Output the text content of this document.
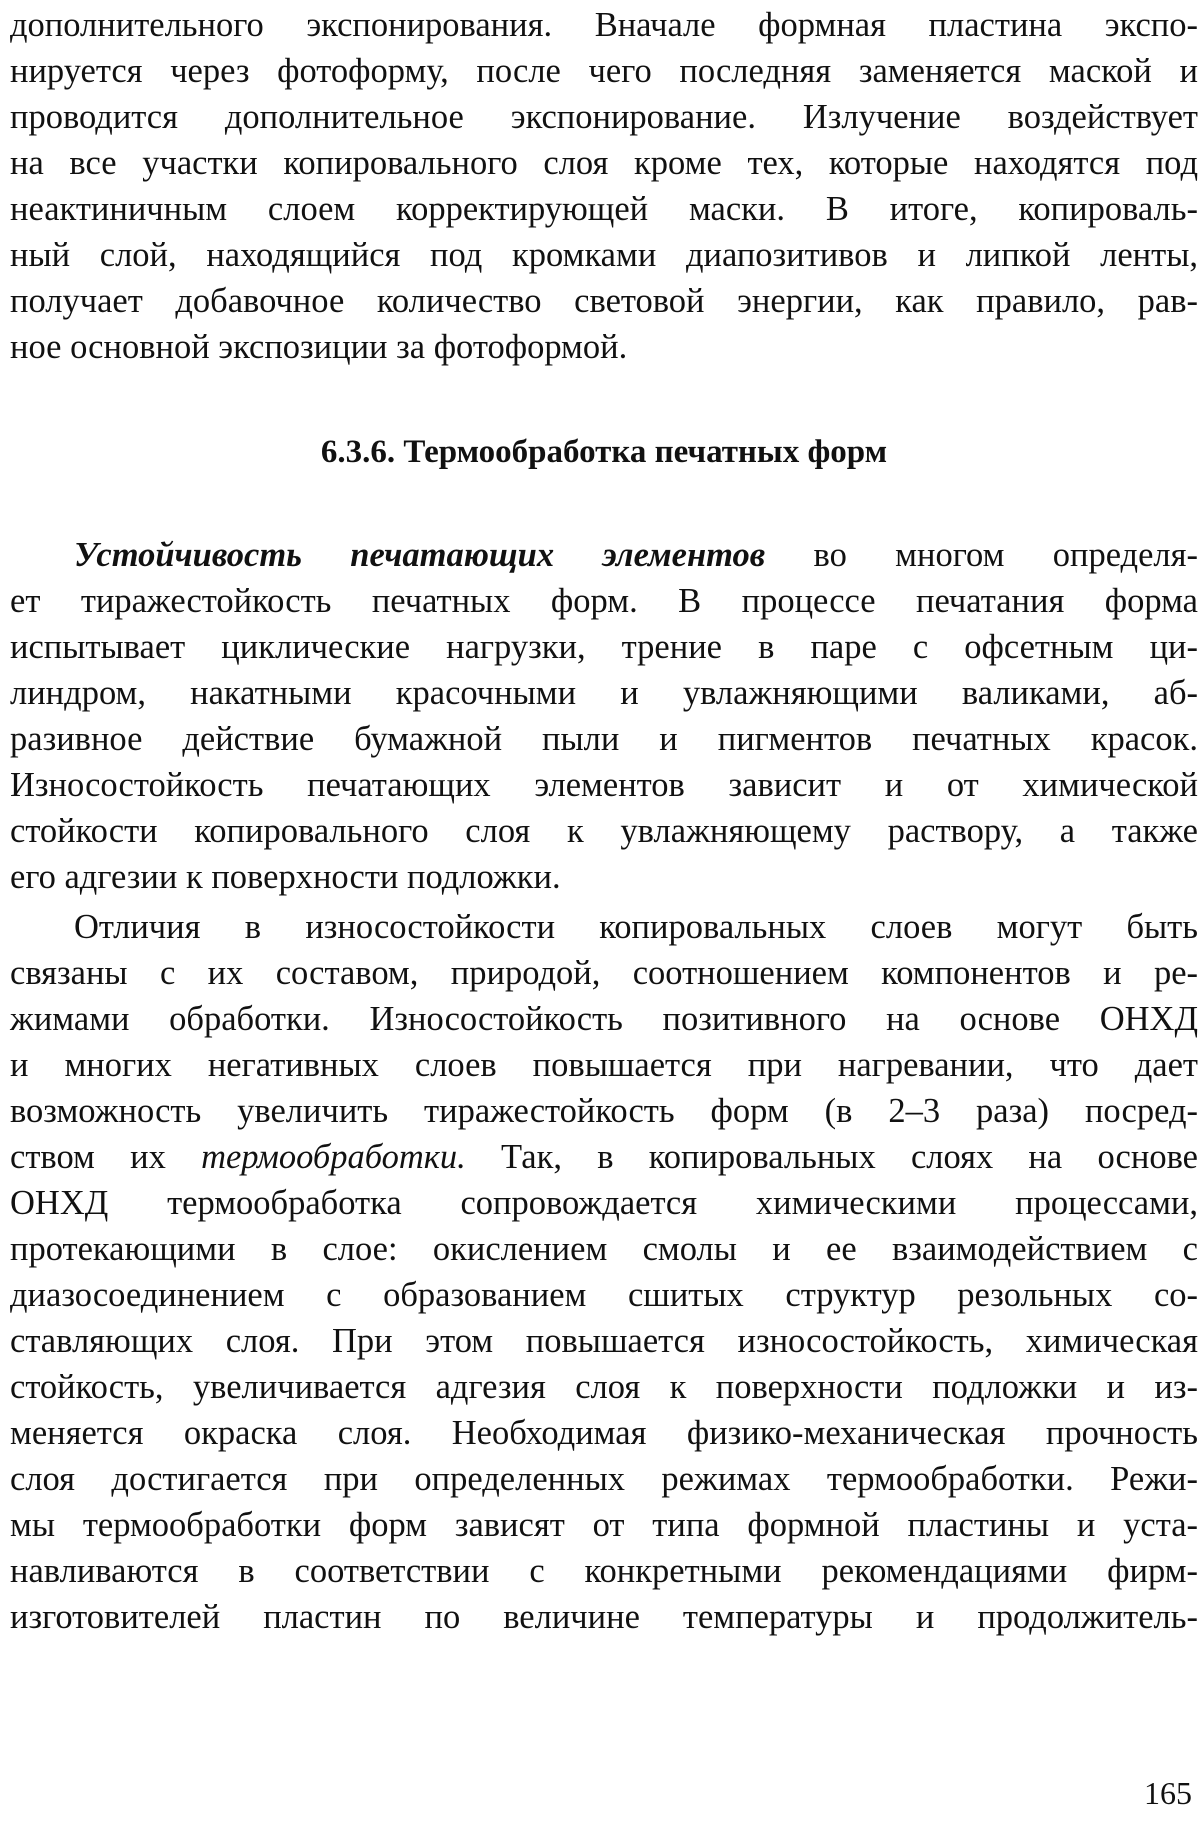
дополнительного экспонирования. Вначале формная пластина экспо-
нируется через фотоформу, после чего последняя заменяется маской и
проводится дополнительное экспонирование. Излучение воздействует
на все участки копировального слоя кроме тех, которые находятся под
неактиничным слоем корректирующей маски. В итоге, копироваль-
ный слой, находящийся под кромками диапозитивов и липкой ленты,
получает добавочное количество световой энергии, как правило, рав-
ное основной экспозиции за фотоформой.
6.3.6. Термообработка печатных форм
Устойчивость печатающих элементов во многом определя-
ет тиражестойкость печатных форм. В процессе печатания форма
испытывает циклические нагрузки, трение в паре с офсетным ци-
линдром, накатными красочными и увлажняющими валиками, аб-
разивное действие бумажной пыли и пигментов печатных красок.
Износостойкость печатающих элементов зависит и от химической
стойкости копировального слоя к увлажняющему раствору, а также
его адгезии к поверхности подложки.
Отличия в износостойкости копировальных слоев могут быть
связаны с их составом, природой, соотношением компонентов и ре-
жимами обработки. Износостойкость позитивного на основе ОНХД
и многих негативных слоев повышается при нагревании, что дает
возможность увеличить тиражестойкость форм (в 2–3 раза) посред-
ством их термообработки. Так, в копировальных слоях на основе
ОНХД термообработка сопровождается химическими процессами,
протекающими в слое: окислением смолы и ее взаимодействием с
диазосоединением с образованием сшитых структур резольных со-
ставляющих слоя. При этом повышается износостойкость, химическая
стойкость, увеличивается адгезия слоя к поверхности подложки и из-
меняется окраска слоя. Необходимая физико-механическая прочность
слоя достигается при определенных режимах термообработки. Режи-
мы термообработки форм зависят от типа формной пластины и уста-
навливаются в соответствии с конкретными рекомендациями фирм-
изготовителей пластин по величине температуры и продолжитель-
165
